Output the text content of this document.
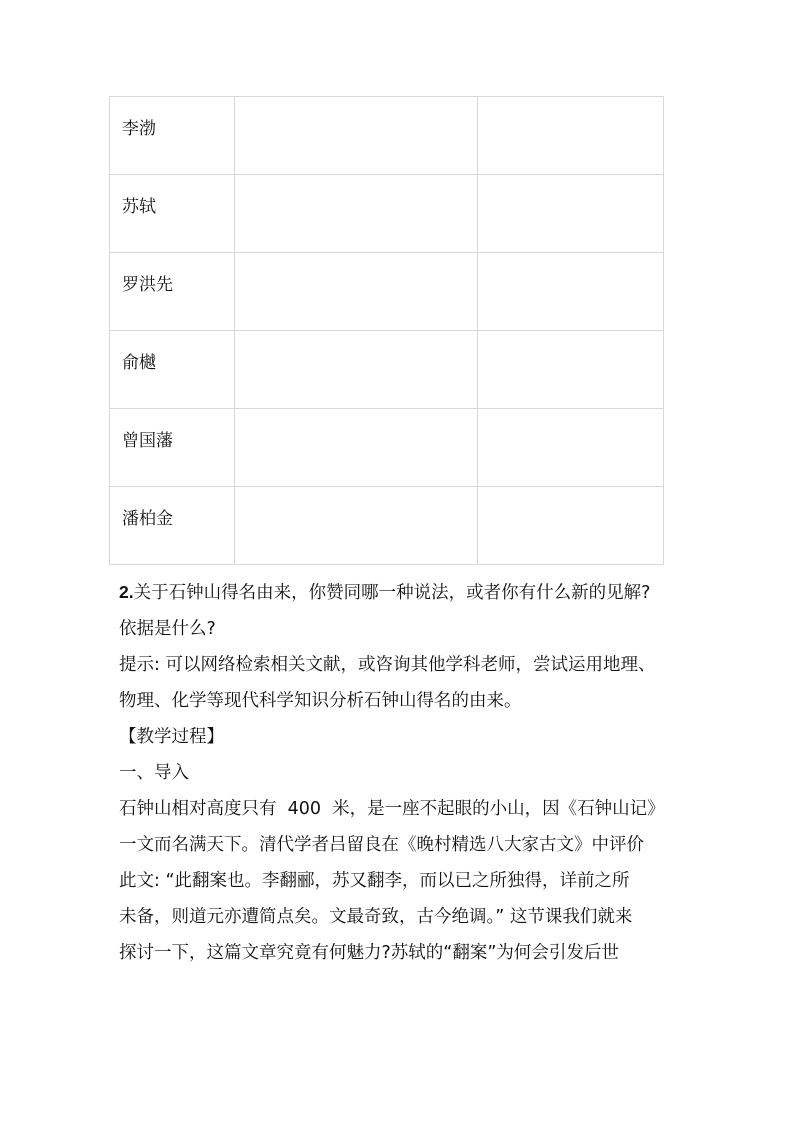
李渤		

苏轼		

罗洪先		

俞樾		

曾国藩		

潘柏金		

2.关于石钟山得名由来，你赞同哪一种说法，或者你有什么新的见解?

依据是什么?

提示: 可以网络检索相关文献，或咨询其他学科老师，尝试运用地理、

物理、化学等现代科学知识分析石钟山得名的由来。

【教学过程】

一、导入

石钟山相对高度只有  400  米，是一座不起眼的小山，因《石钟山记》

一文而名满天下。清代学者吕留良在《晚村精选八大家古文》中评价

此文: “此翻案也。李翻郦，苏又翻李，而以已之所独得，详前之所

未备，则道元亦遭简点矣。文最奇致，古今绝调。” 这节课我们就来

探讨一下，这篇文章究竟有何魅力?苏轼的“翻案”为何会引发后世
